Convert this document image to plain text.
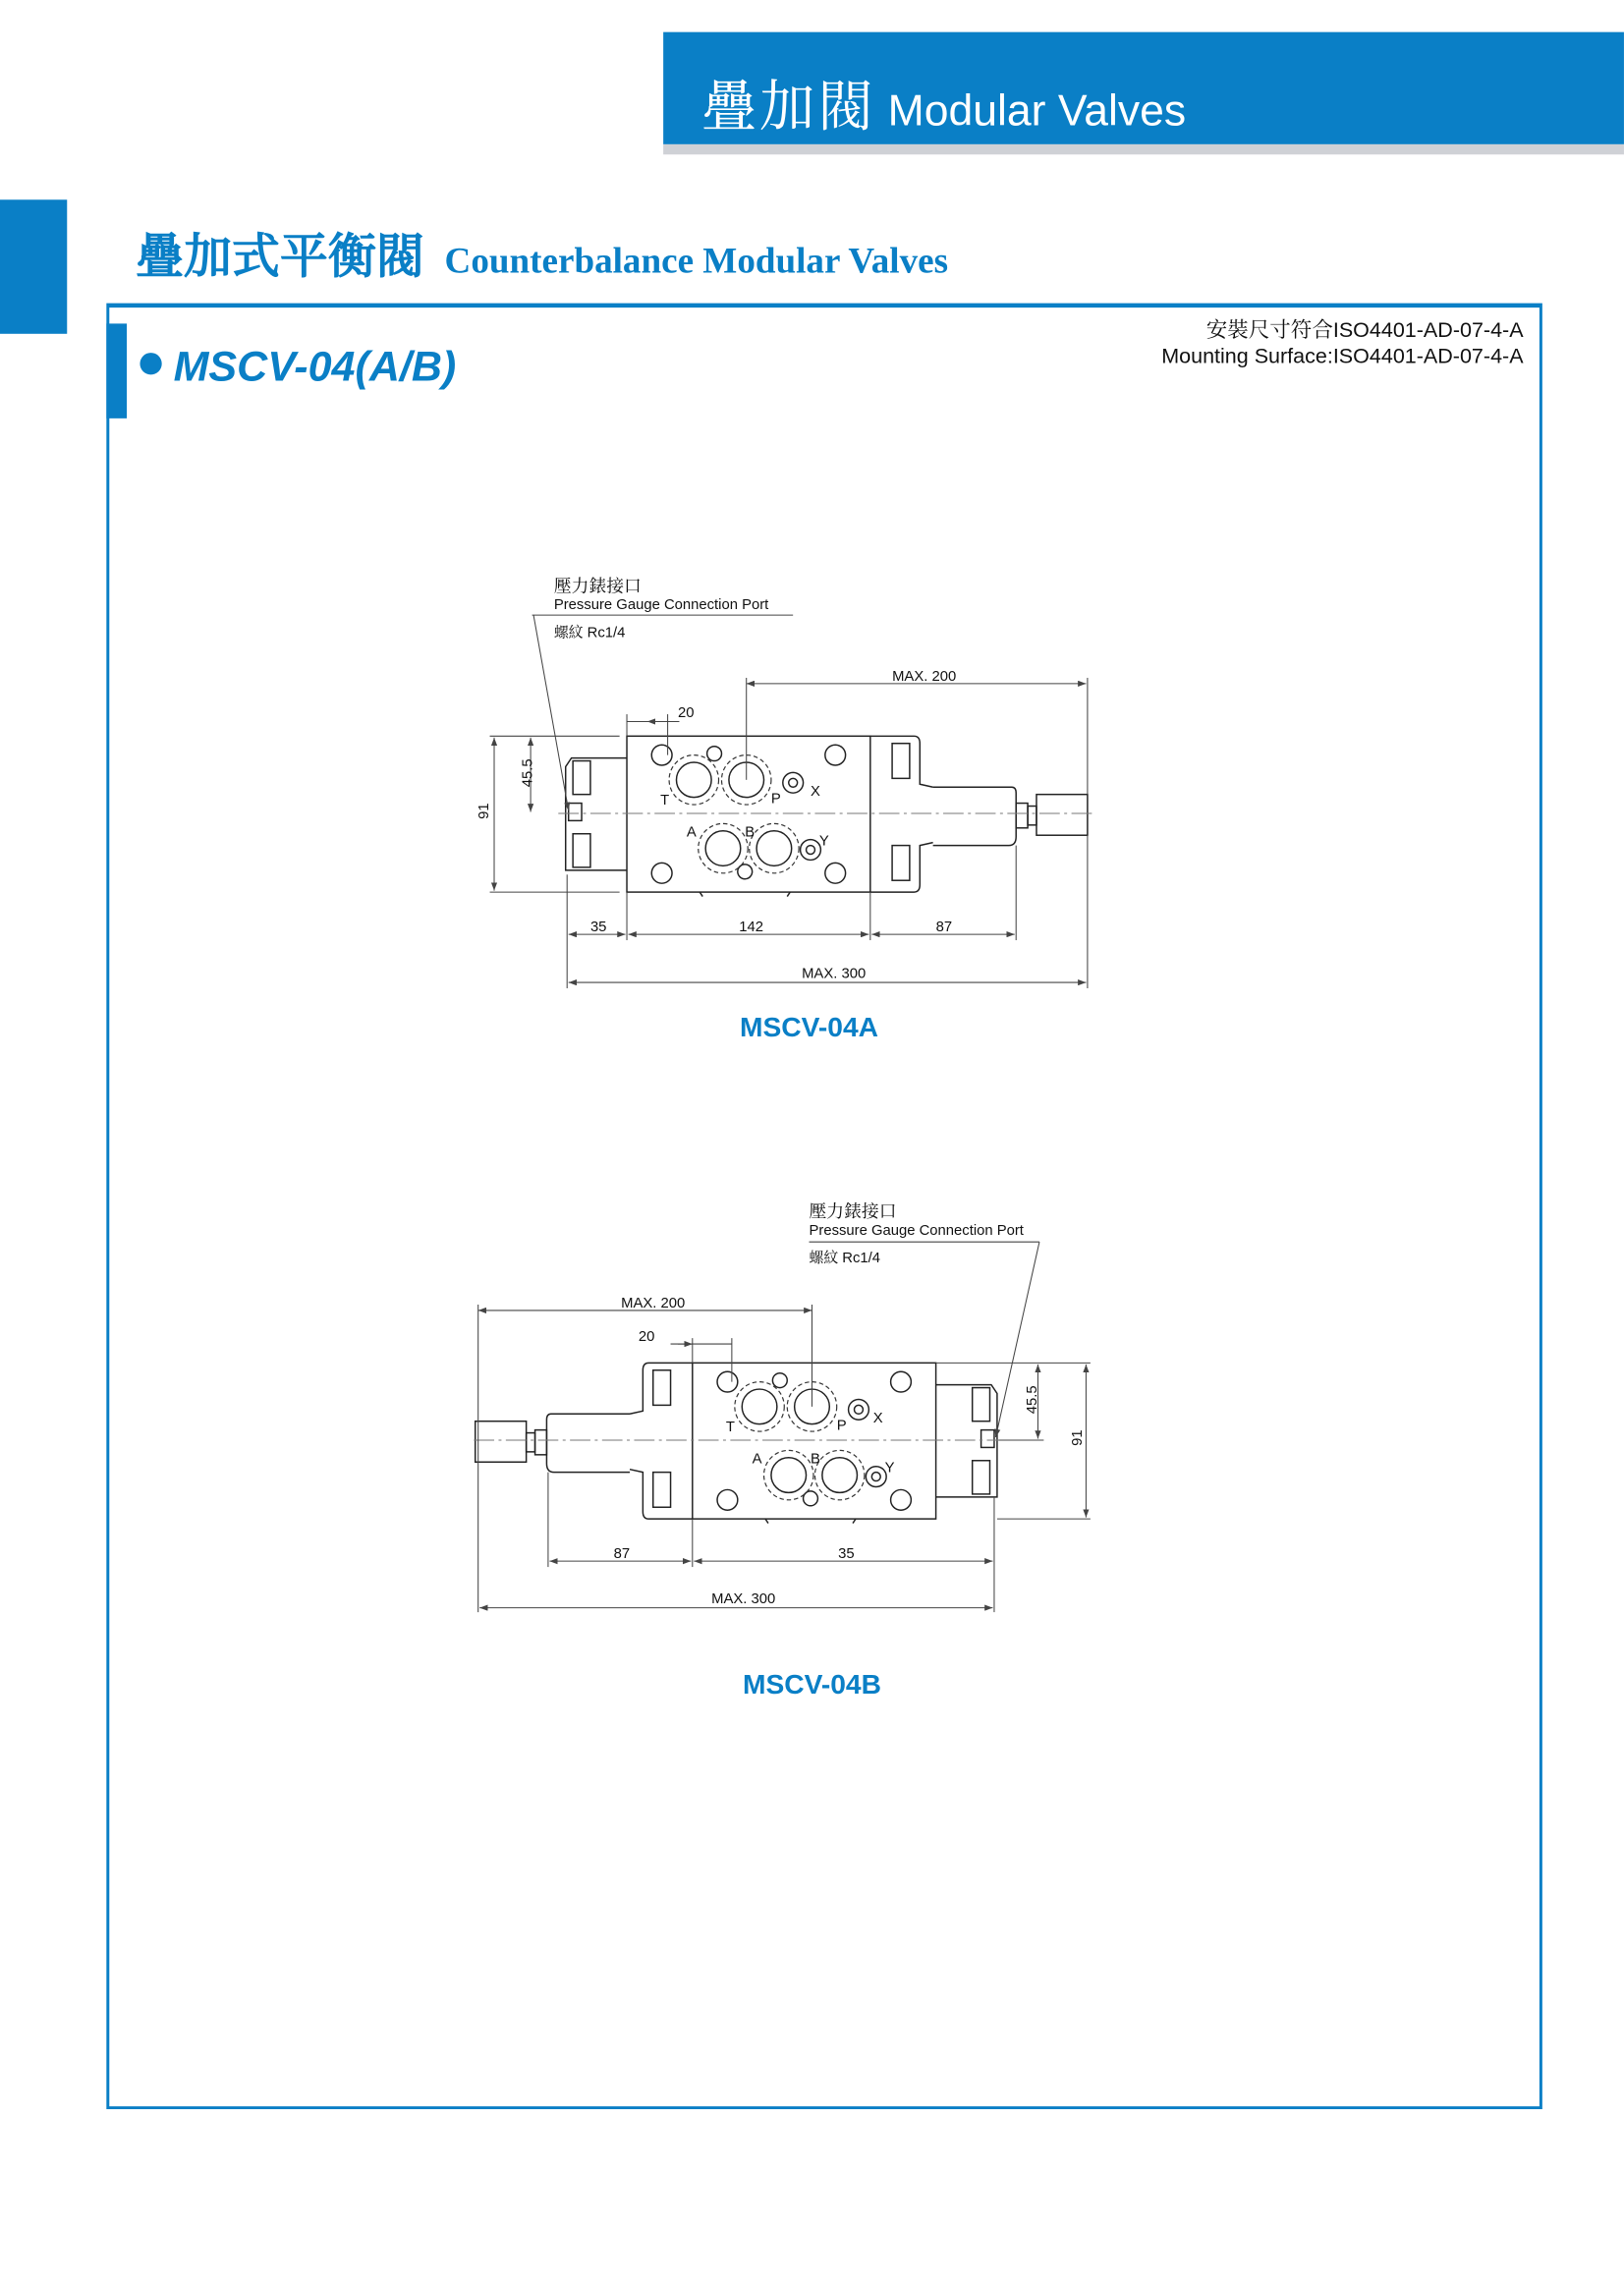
疊加閥 Modular Valves
疊加式平衡閥 Counterbalance Modular Valves
MSCV-04(A/B)
安裝尺寸符合ISO4401-AD-07-4-A
Mounting Surface:ISO4401-AD-07-4-A
T	P	X
A	B
Y
壓力錶接口
Pressure Gauge Connection Port
螺紋 Rc1/4
MAX. 200
20
91
45.5
35	142	87
MAX. 300
MSCV-04A
T	P	X
A	B
Y
壓力錶接口
Pressure Gauge Connection Port
螺紋 Rc1/4
MAX. 200
20
45.5
91
87	35
MAX. 300
MSCV-04B
